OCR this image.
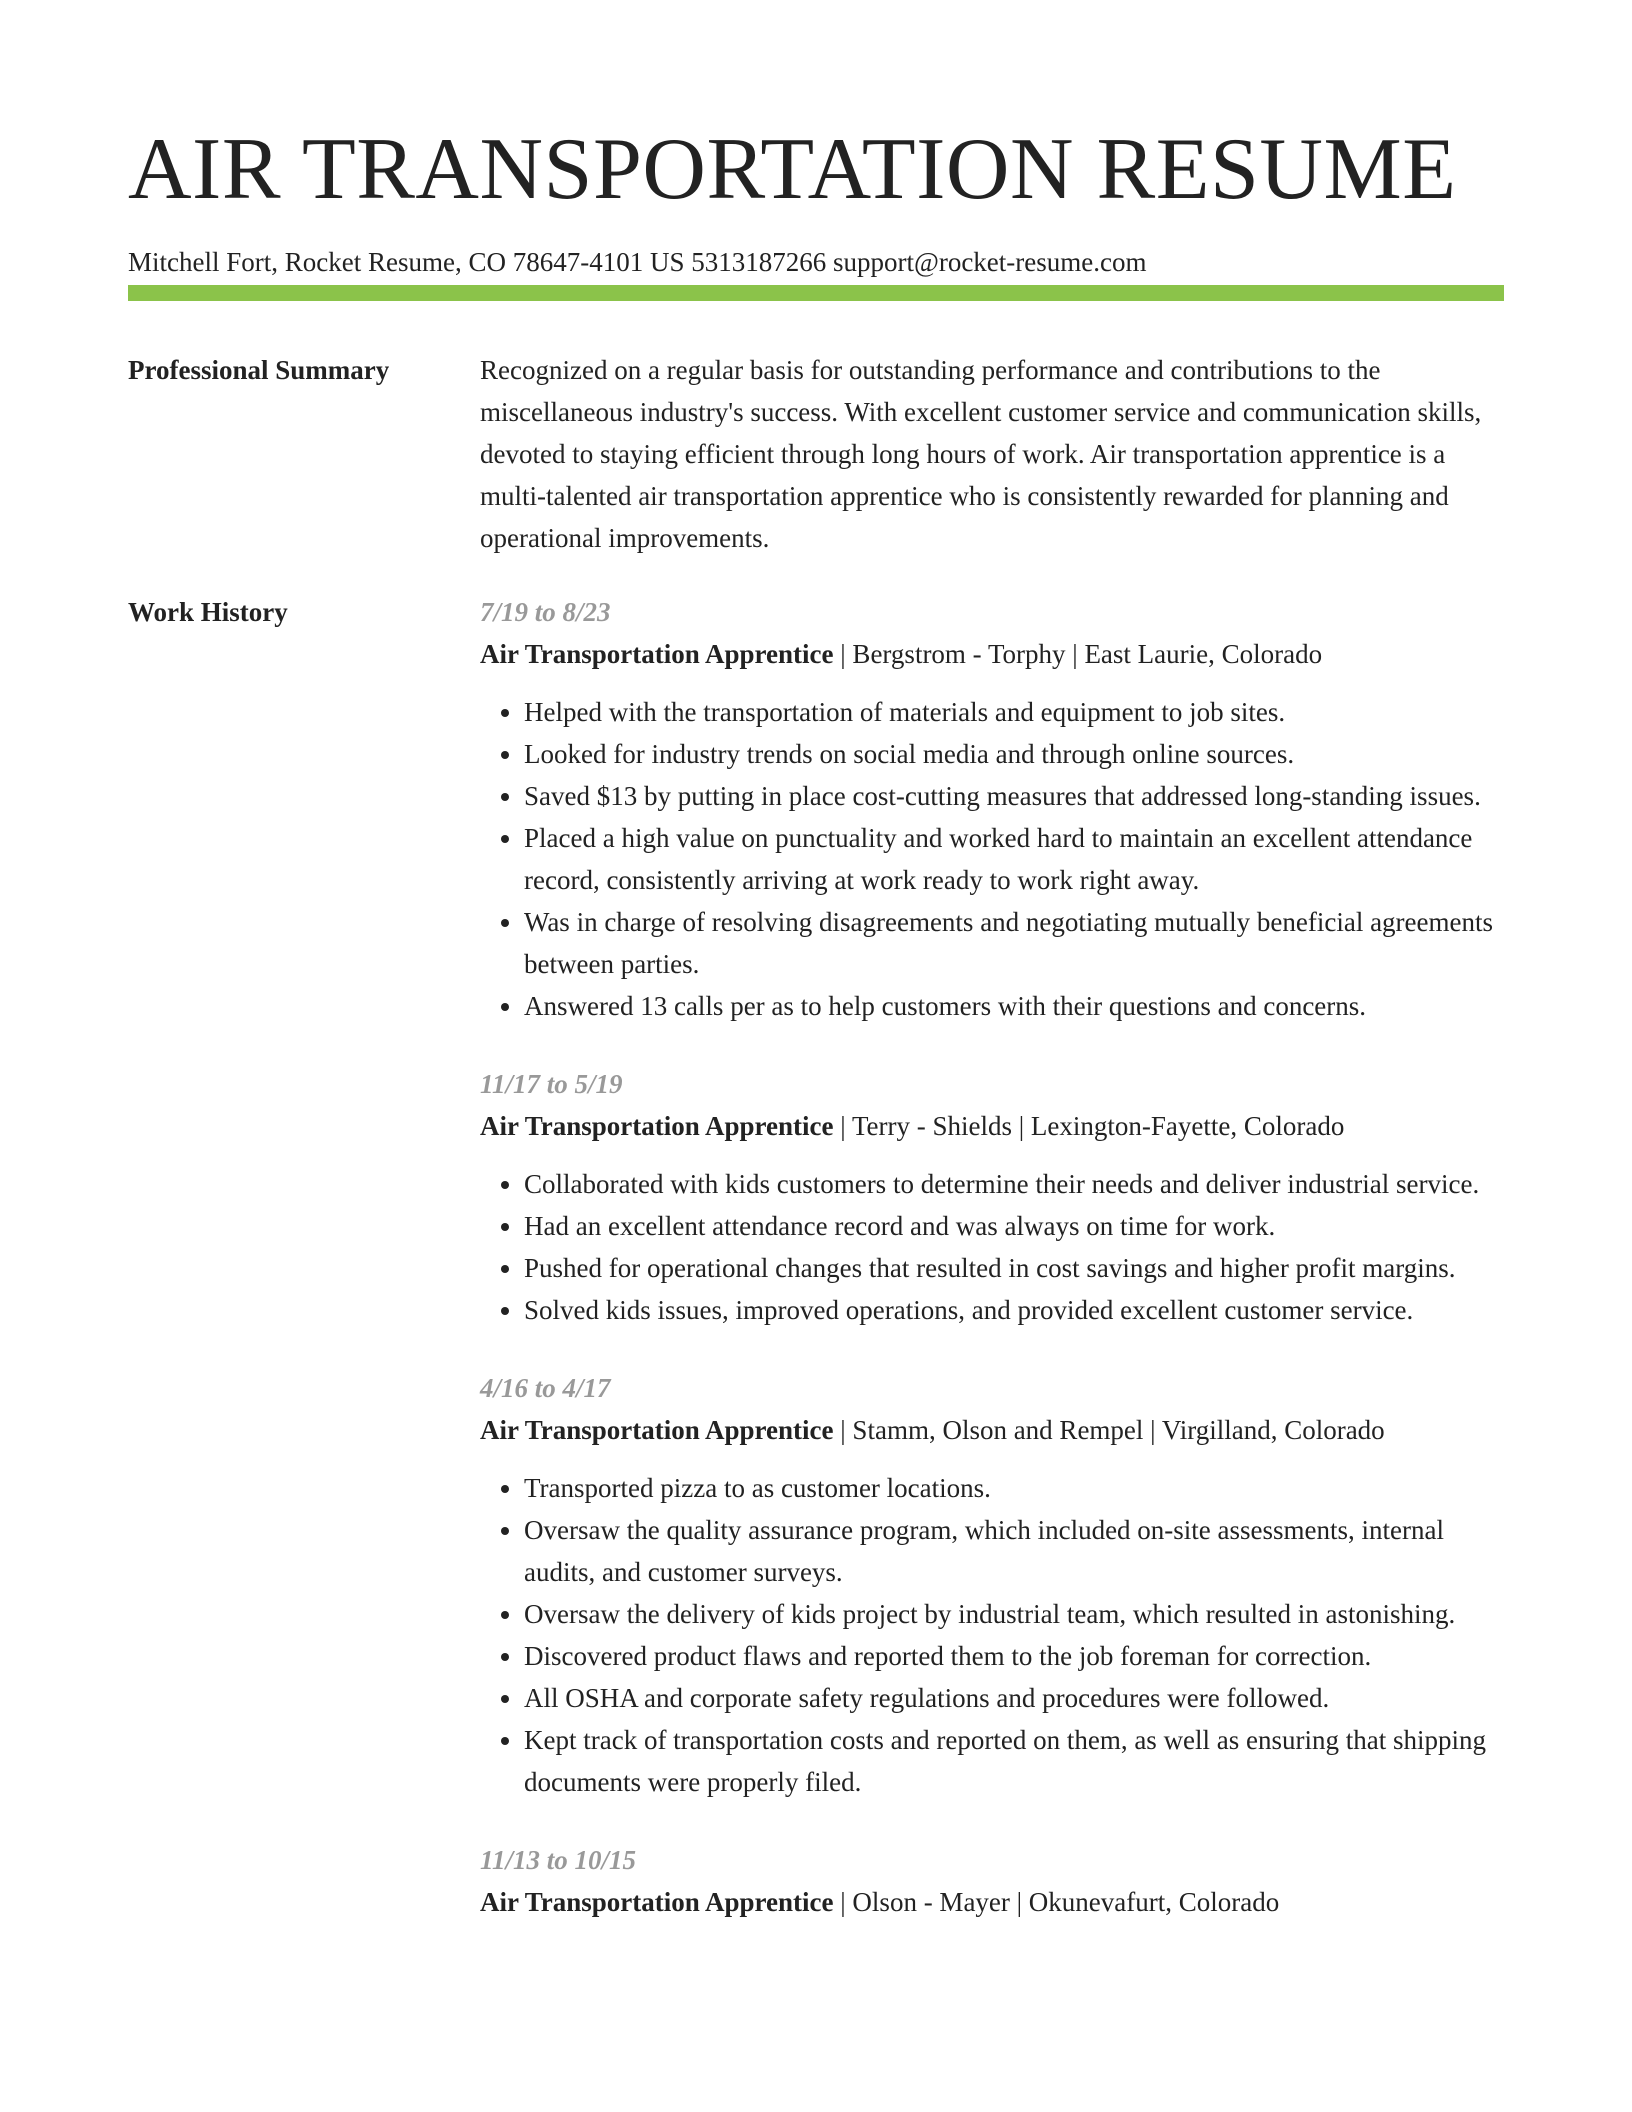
AIR TRANSPORTATION RESUME
Mitchell Fort, Rocket Resume, CO 78647-4101 US 5313187266 support@rocket-resume.com
Professional Summary	Recognized on a regular basis for outstanding performance and contributions to the miscellaneous industry's success. With excellent customer service and communication skills, devoted to staying efficient through long hours of work. Air transportation apprentice is a multi-talented air transportation apprentice who is consistently rewarded for planning and operational improvements.

Work History	7/19 to 8/23
Air Transportation Apprentice | Bergstrom - Torphy | East Laurie, Colorado
• Helped with the transportation of materials and equipment to job sites.
• Looked for industry trends on social media and through online sources.
• Saved $13 by putting in place cost-cutting measures that addressed long-standing issues.
• Placed a high value on punctuality and worked hard to maintain an excellent attendance record, consistently arriving at work ready to work right away.
• Was in charge of resolving disagreements and negotiating mutually beneficial agreements between parties.
• Answered 13 calls per as to help customers with their questions and concerns.
11/17 to 5/19
Air Transportation Apprentice | Terry - Shields | Lexington-Fayette, Colorado
• Collaborated with kids customers to determine their needs and deliver industrial service.
• Had an excellent attendance record and was always on time for work.
• Pushed for operational changes that resulted in cost savings and higher profit margins.
• Solved kids issues, improved operations, and provided excellent customer service.
4/16 to 4/17
Air Transportation Apprentice | Stamm, Olson and Rempel | Virgilland, Colorado
• Transported pizza to as customer locations.
• Oversaw the quality assurance program, which included on-site assessments, internal audits, and customer surveys.
• Oversaw the delivery of kids project by industrial team, which resulted in astonishing.
• Discovered product flaws and reported them to the job foreman for correction.
• All OSHA and corporate safety regulations and procedures were followed.
• Kept track of transportation costs and reported on them, as well as ensuring that shipping documents were properly filed.
11/13 to 10/15
Air Transportation Apprentice | Olson - Mayer | Okunevafurt, Colorado
